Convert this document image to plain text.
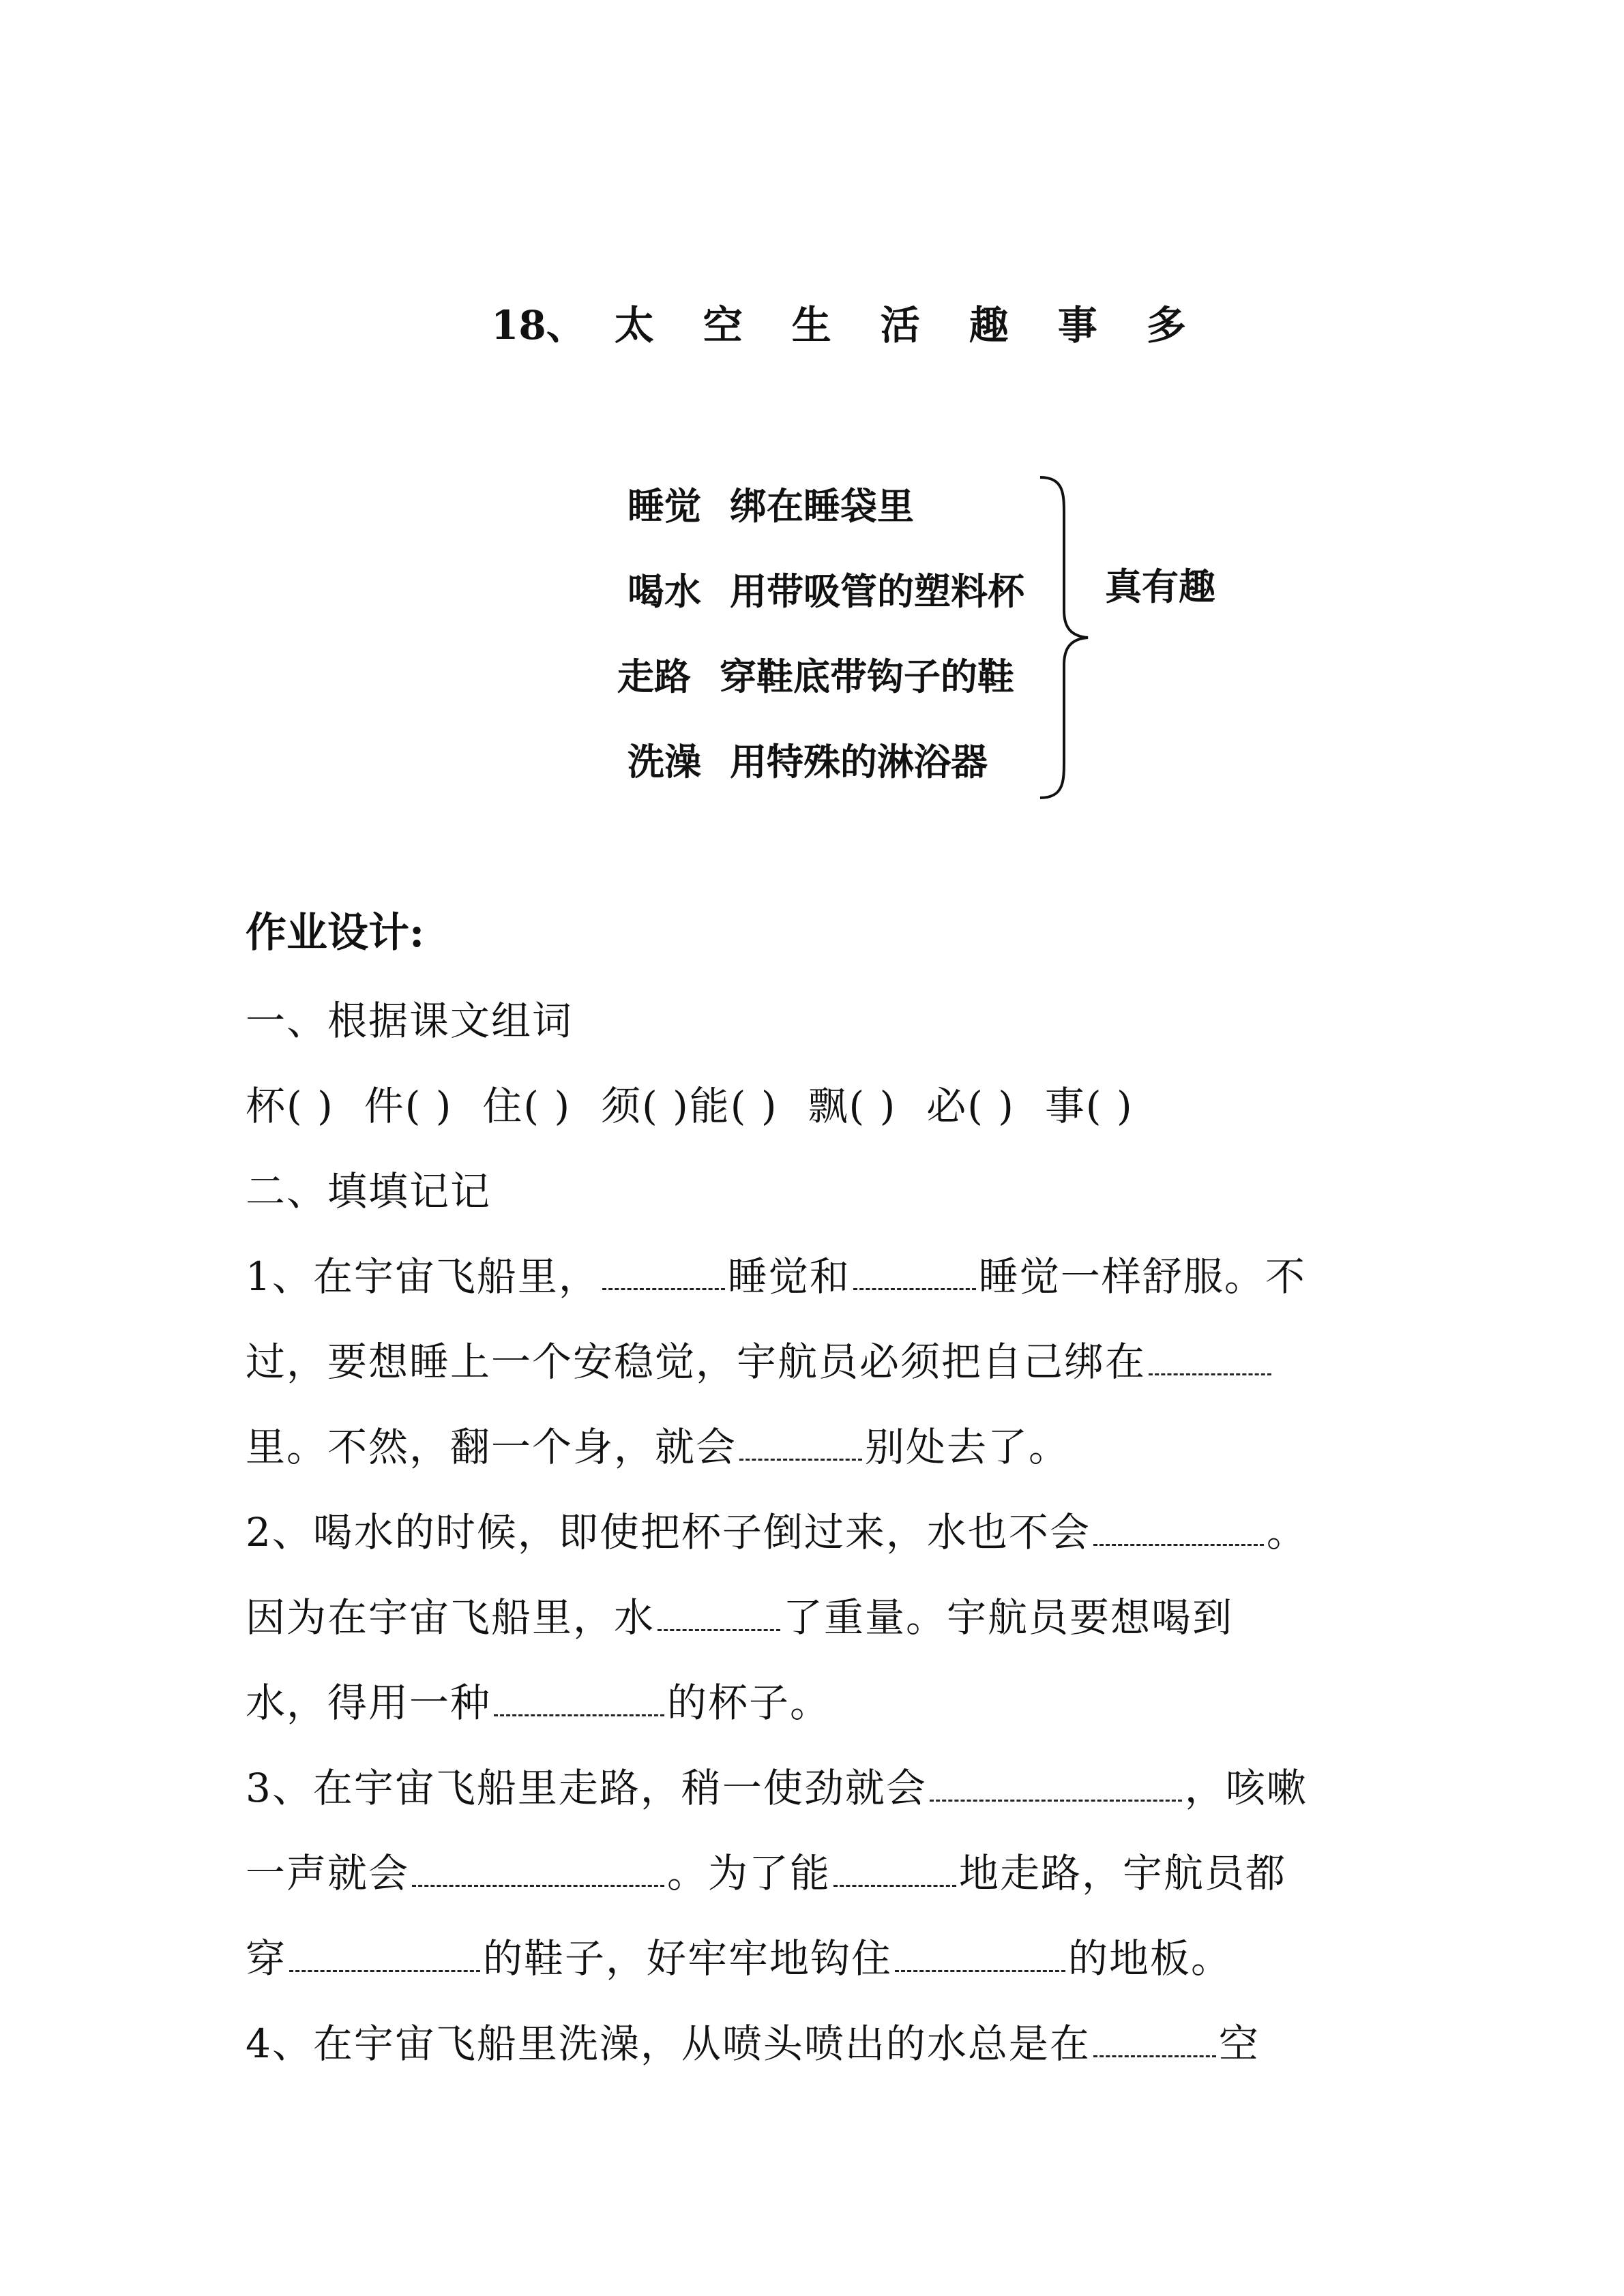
18、 太 空 生 活 趣 事 多
睡觉 绑在睡袋里
喝水 用带吸管的塑料杯
走路 穿鞋底带钩子的鞋
洗澡 用特殊的淋浴器
真有趣
作业设计:
一、根据课文组词
杯( ) 件( ) 住( ) 须( )能( ) 飘( ) 必( ) 事( )
二、填填记记
1、在宇宙飞船里，	睡觉和	睡觉一样舒服。不
过，要想睡上一个安稳觉，宇航员必须把自己绑在
里。不然，翻一个身，就会	别处去了。
2、喝水的时候，即使把杯子倒过来，水也不会	。
因为在宇宙飞船里，水	了重量。宇航员要想喝到
水，得用一种	的杯子。
3、在宇宙飞船里走路，稍一使劲就会	，咳嗽
一声就会	。为了能	地走路，宇航员都
穿	的鞋子，好牢牢地钩住	的地板。
4、在宇宙飞船里洗澡，从喷头喷出的水总是在	空
